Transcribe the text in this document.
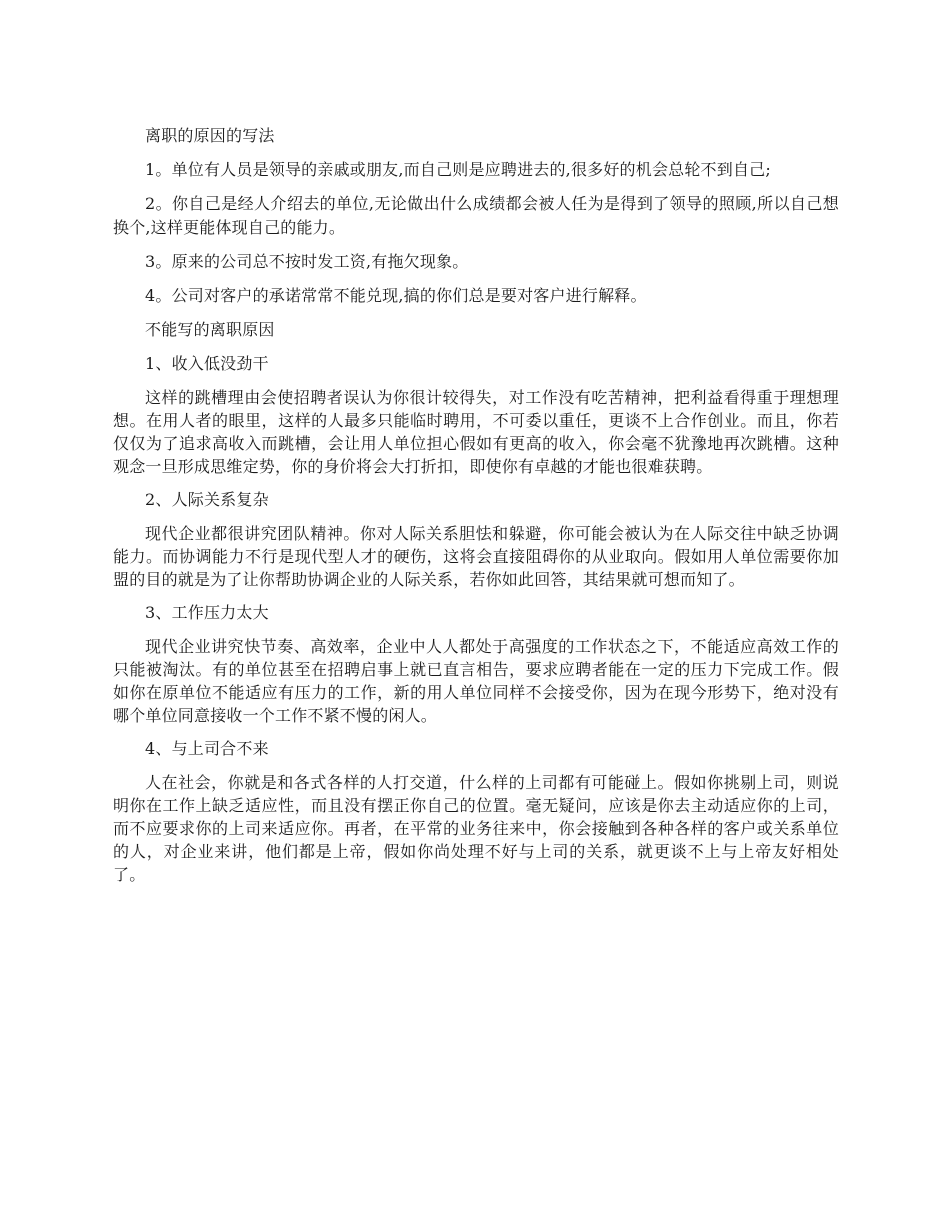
离职的原因的写法

1。单位有人员是领导的亲戚或朋友,而自己则是应聘进去的,很多好的机会总轮不到自己;

2。你自己是经人介绍去的单位,无论做出什么成绩都会被人任为是得到了领导的照顾,所以自己想换个,这样更能体现自己的能力。

3。原来的公司总不按时发工资,有拖欠现象。

4。公司对客户的承诺常常不能兑现,搞的你们总是要对客户进行解释。

不能写的离职原因

1、收入低没劲干

这样的跳槽理由会使招聘者误认为你很计较得失，对工作没有吃苦精神，把利益看得重于理想理想。在用人者的眼里，这样的人最多只能临时聘用，不可委以重任，更谈不上合作创业。而且，你若仅仅为了追求高收入而跳槽，会让用人单位担心假如有更高的收入，你会毫不犹豫地再次跳槽。这种观念一旦形成思维定势，你的身价将会大打折扣，即使你有卓越的才能也很难获聘。

2、人际关系复杂

现代企业都很讲究团队精神。你对人际关系胆怯和躲避，你可能会被认为在人际交往中缺乏协调能力。而协调能力不行是现代型人才的硬伤，这将会直接阻碍你的从业取向。假如用人单位需要你加盟的目的就是为了让你帮助协调企业的人际关系，若你如此回答，其结果就可想而知了。

3、工作压力太大

现代企业讲究快节奏、高效率，企业中人人都处于高强度的工作状态之下，不能适应高效工作的只能被淘汰。有的单位甚至在招聘启事上就已直言相告，要求应聘者能在一定的压力下完成工作。假如你在原单位不能适应有压力的工作，新的用人单位同样不会接受你，因为在现今形势下，绝对没有哪个单位同意接收一个工作不紧不慢的闲人。

4、与上司合不来

人在社会，你就是和各式各样的人打交道，什么样的上司都有可能碰上。假如你挑剔上司，则说明你在工作上缺乏适应性，而且没有摆正你自己的位置。毫无疑问，应该是你去主动适应你的上司，而不应要求你的上司来适应你。再者，在平常的业务往来中，你会接触到各种各样的客户或关系单位的人，对企业来讲，他们都是上帝，假如你尚处理不好与上司的关系，就更谈不上与上帝友好相处了。
